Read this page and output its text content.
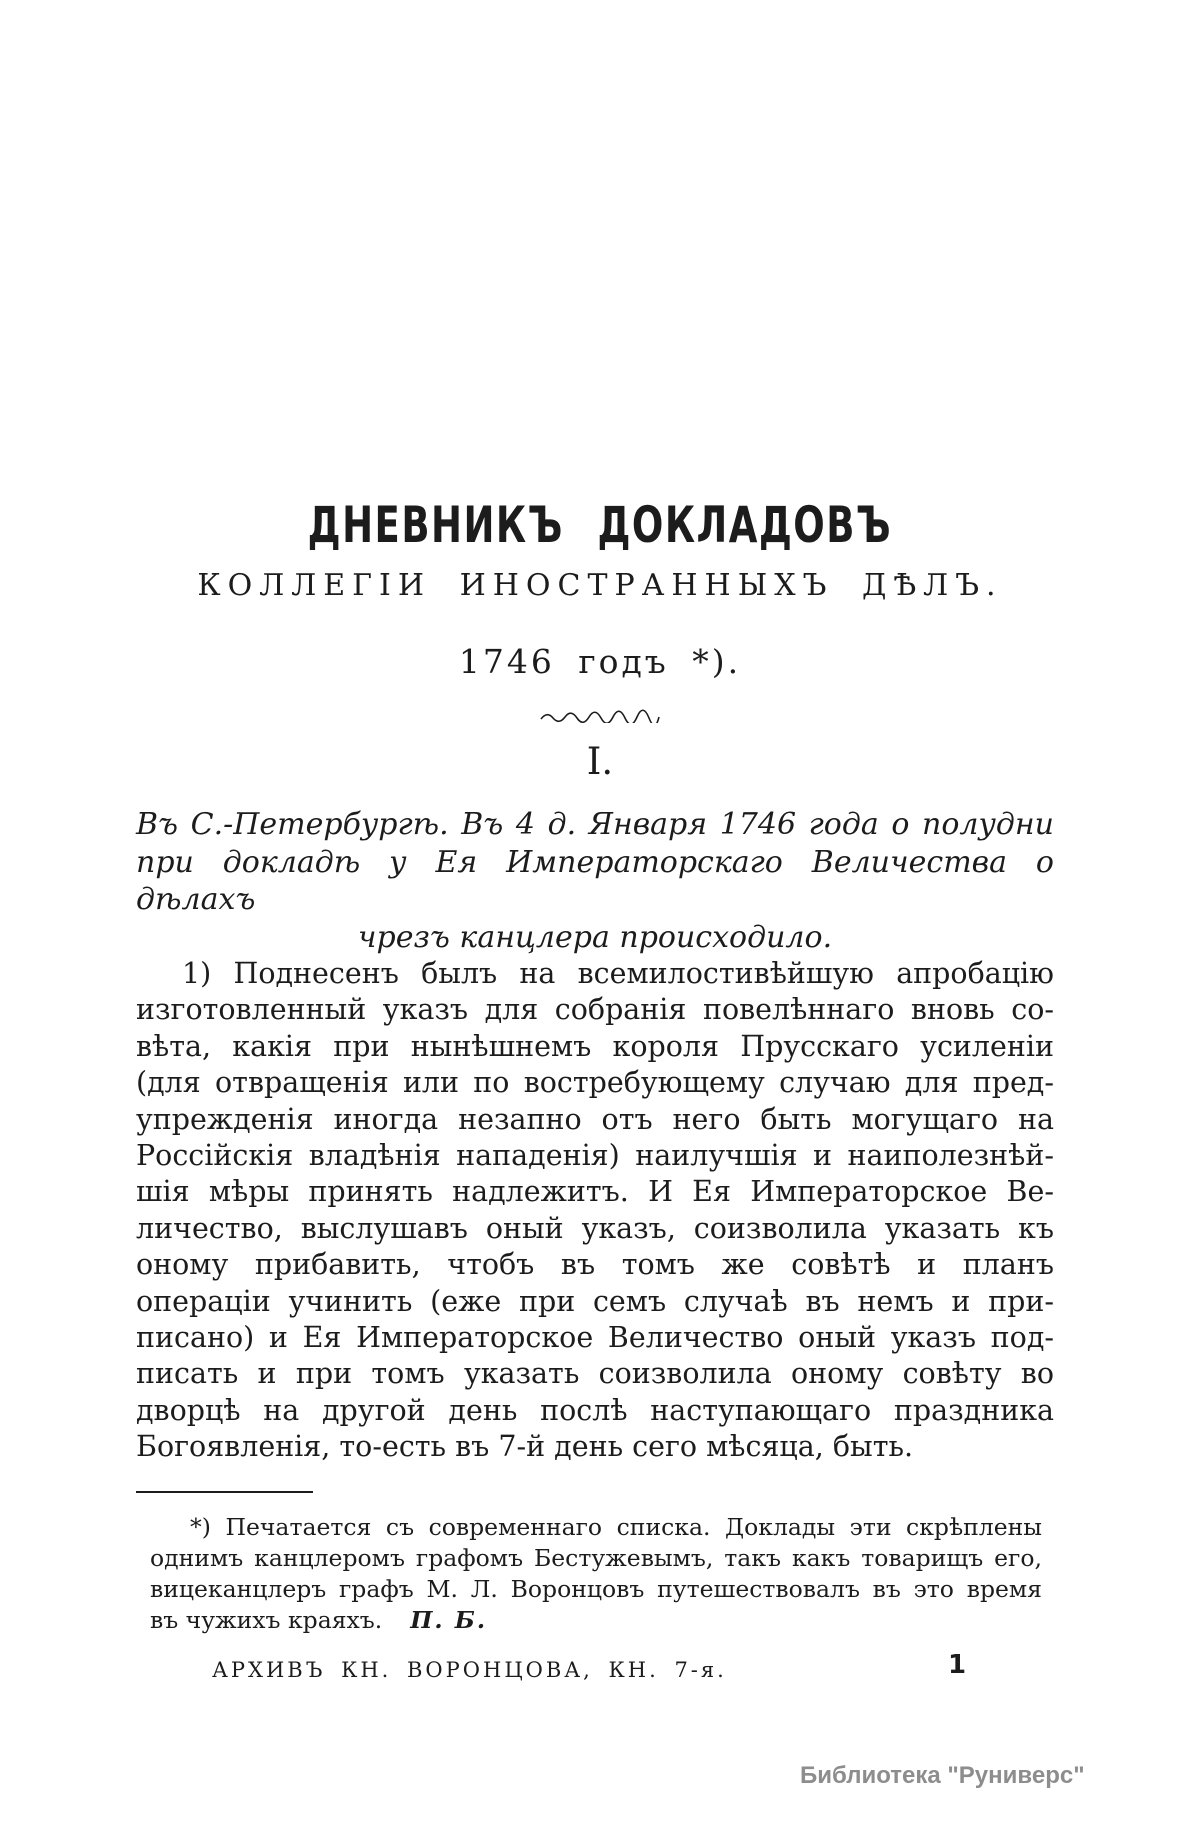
ДНЕВНИКЪ ДОКЛАДОВЪ
КОЛЛЕГІИ ИНОСТРАННЫХЪ ДѢЛЪ.
1746 годъ *).
I.
Въ С.-Петербургѣ. Въ 4 д. Января 1746 года о полудни
при докладѣ у Ея Императорскаго Величества о дѣлахъ
чрезъ канцлера происходило.
1) Поднесенъ былъ на всемилостивѣйшую апробацію
изготовленный указъ для собранія повелѣннаго вновь со-
вѣта, какія при нынѣшнемъ короля Прусскаго усиленіи
(для отвращенія или по востребующему случаю для пред-
упрежденія иногда незапно отъ него быть могущаго на
Россійскія владѣнія нападенія) наилучшія и наиполезнѣй-
шія мѣры принять надлежитъ. И Ея Императорское Ве-
личество, выслушавъ оный указъ, соизволила указать къ
оному прибавить, чтобъ въ томъ же совѣтѣ и планъ
операціи учинить (еже при семъ случаѣ въ немъ и при-
писано) и Ея Императорское Величество оный указъ под-
писать и при томъ указать соизволила оному совѣту во
дворцѣ на другой день послѣ наступающаго праздника
Богоявленія, то-есть въ 7-й день сего мѣсяца, быть.
*) Печатается съ современнаго списка. Доклады эти скрѣплены
однимъ канцлеромъ графомъ Бестужевымъ, такъ какъ товарищъ его,
вицеканцлеръ графъ М. Л. Воронцовъ путешествовалъ въ это время
въ чужихъ краяхъ. П. Б.
АРХИВЪ КН. ВОРОНЦОВА, КН. 7-я.	1
Библиотека "Руниверс"
